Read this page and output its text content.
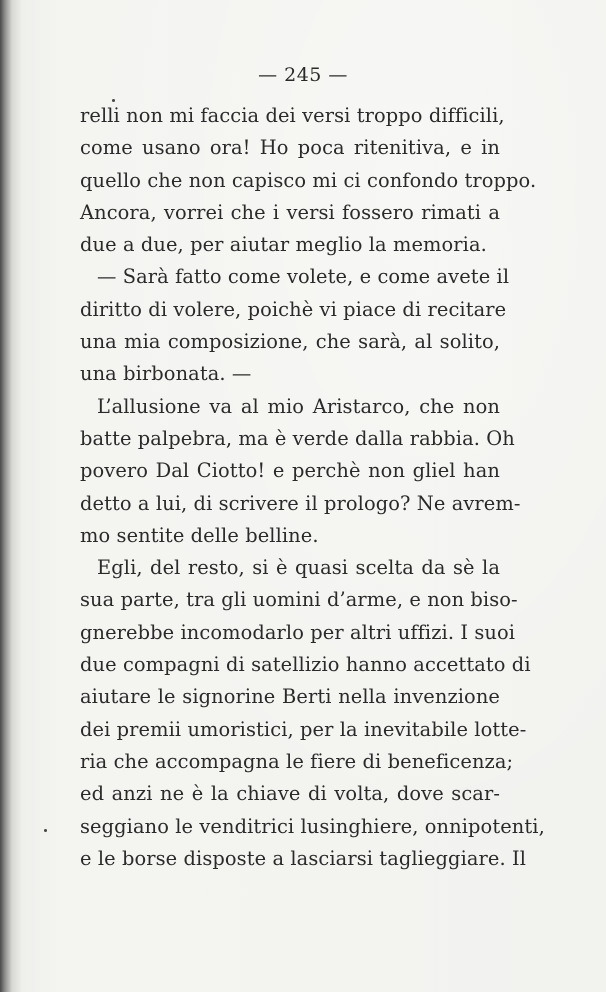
— 245 —
relli non mi faccia dei versi troppo difficili,
come usano ora! Ho poca ritenitiva, e in
quello che non capisco mi ci confondo troppo.
Ancora, vorrei che i versi fossero rimati a
due a due, per aiutar meglio la memoria.
— Sarà fatto come volete, e come avete il
diritto di volere, poichè vi piace di recitare
una mia composizione, che sarà, al solito,
una birbonata. —
L’allusione va al mio Aristarco, che non
batte palpebra, ma è verde dalla rabbia. Oh
povero Dal Ciotto! e perchè non gliel han
detto a lui, di scrivere il prologo? Ne avrem-
mo sentite delle belline.
Egli, del resto, si è quasi scelta da sè la
sua parte, tra gli uomini d’arme, e non biso-
gnerebbe incomodarlo per altri uffizi. I suoi
due compagni di satellizio hanno accettato di
aiutare le signorine Berti nella invenzione
dei premii umoristici, per la inevitabile lotte-
ria che accompagna le fiere di beneficenza;
ed anzi ne è la chiave di volta, dove scar-
seggiano le venditrici lusinghiere, onnipotenti,
e le borse disposte a lasciarsi taglieggiare. Il
